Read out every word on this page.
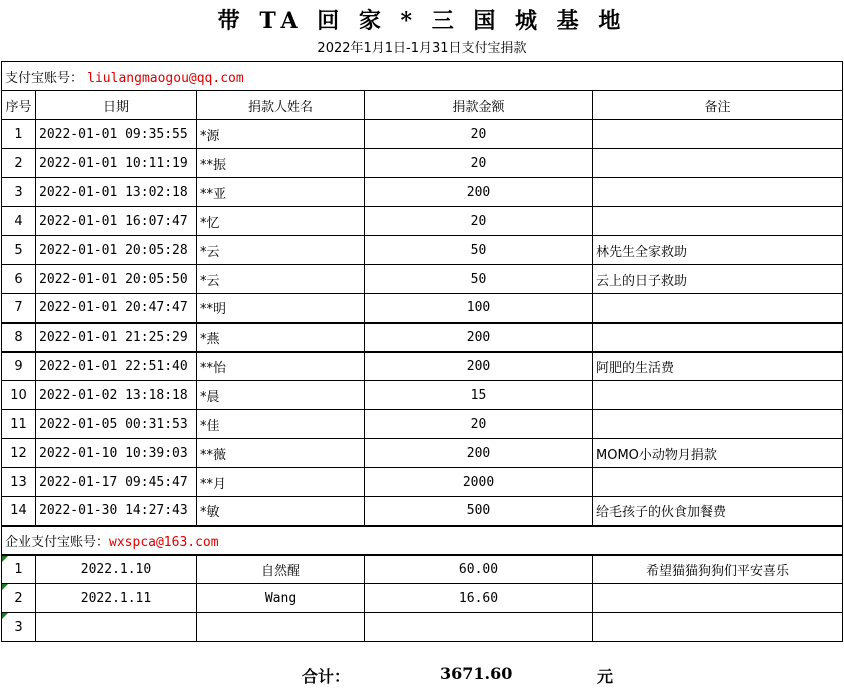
带 TA 回 家 * 三 国 城 基 地
2022年1月1日-1月31日支付宝捐款
支付宝账号： liulangmaogou@qq.com				
序号	日期	捐款人姓名	捐款金额	备注
1	2022-01-01 09:35:55	*源	20	
2	2022-01-01 10:11:19	**振	20	
3	2022-01-01 13:02:18	**亚	200	
4	2022-01-01 16:07:47	*忆	20	
5	2022-01-01 20:05:28	*云	50	林先生全家救助
6	2022-01-01 20:05:50	*云	50	云上的日子救助
7	2022-01-01 20:47:47	**明	100	
8	2022-01-01 21:25:29	*燕	200	
9	2022-01-01 22:51:40	**怡	200	阿肥的生活费
10	2022-01-02 13:18:18	*晨	15	
11	2022-01-05 00:31:53	*佳	20	
12	2022-01-10 10:39:03	**薇	200	MOMO小动物月捐款
13	2022-01-17 09:45:47	**月	2000	
14	2022-01-30 14:27:43	*敏	500	给毛孩子的伙食加餐费
企业支付宝账号：wxspca@163.com				
1	2022.1.10	自然醒	60.00	希望猫猫狗狗们平安喜乐
2	2022.1.11	Wang	16.60	
3

合计：	3671.60	元
